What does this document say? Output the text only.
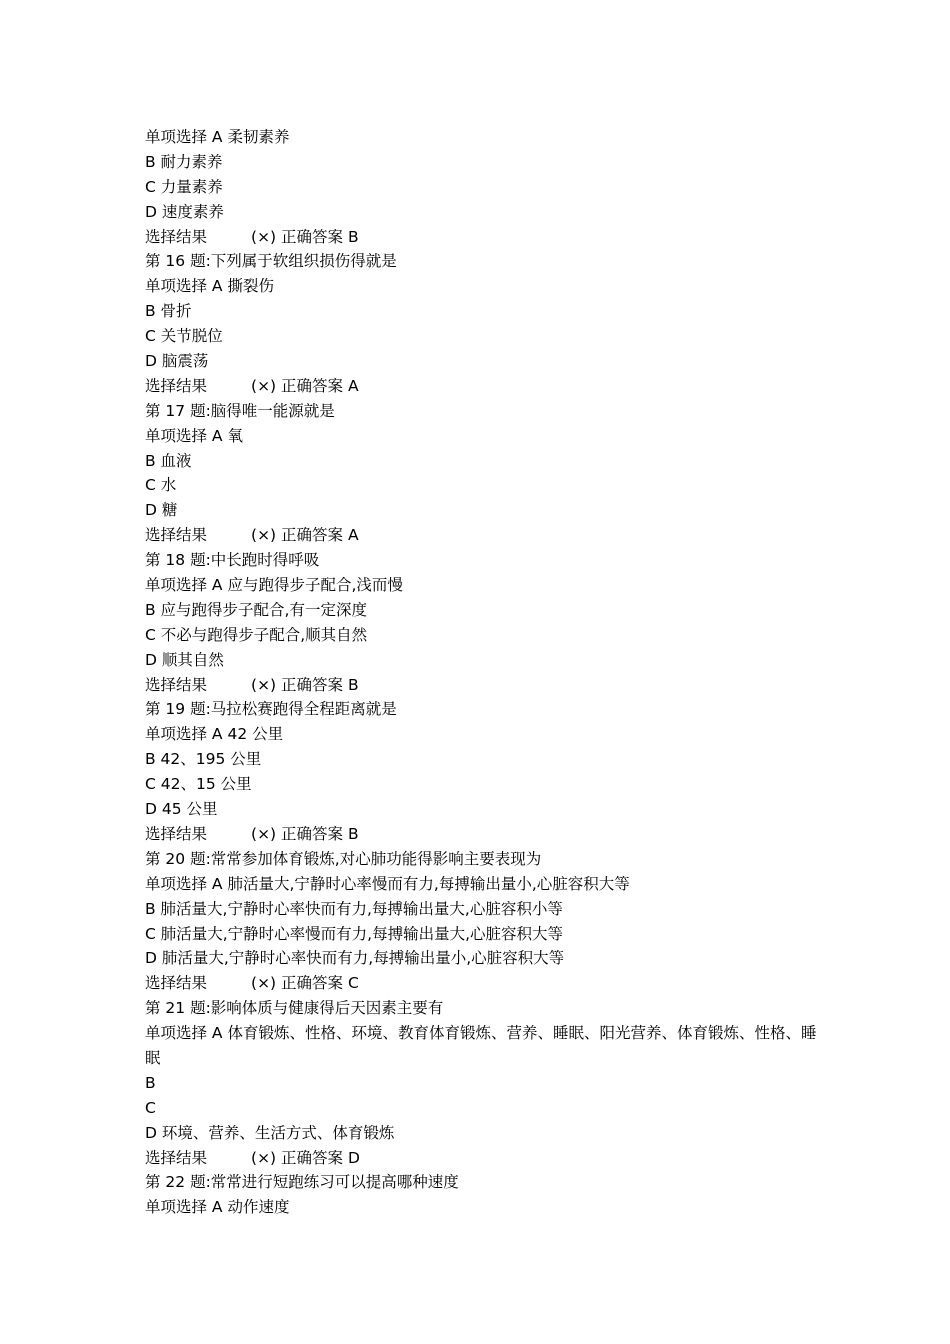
单项选择 A 柔韧素养
B 耐力素养
C 力量素养
D 速度素养
选择结果	(×) 正确答案 B
第 16 题:下列属于软组织损伤得就是
单项选择 A 撕裂伤
B 骨折
C 关节脱位
D 脑震荡
选择结果	(×) 正确答案 A
第 17 题:脑得唯一能源就是
单项选择 A 氧
B 血液
C 水
D 糖
选择结果	(×) 正确答案 A
第 18 题:中长跑时得呼吸
单项选择 A 应与跑得步子配合,浅而慢
B 应与跑得步子配合,有一定深度
C 不必与跑得步子配合,顺其自然
D 顺其自然
选择结果	(×) 正确答案 B
第 19 题:马拉松赛跑得全程距离就是
单项选择 A 42 公里
B 42、195 公里
C 42、15 公里
D 45 公里
选择结果	(×) 正确答案 B
第 20 题:常常参加体育锻炼,对心肺功能得影响主要表现为
单项选择 A 肺活量大,宁静时心率慢而有力,每搏输出量小,心脏容积大等
B 肺活量大,宁静时心率快而有力,每搏输出量大,心脏容积小等
C 肺活量大,宁静时心率慢而有力,每搏输出量大,心脏容积大等
D 肺活量大,宁静时心率快而有力,每搏输出量小,心脏容积大等
选择结果	(×) 正确答案 C
第 21 题:影响体质与健康得后天因素主要有
单项选择 A 体育锻炼、性格、环境、教育体育锻炼、营养、睡眠、阳光营养、体育锻炼、性格、睡眠
B
C
D 环境、营养、生活方式、体育锻炼
选择结果	(×) 正确答案 D
第 22 题:常常进行短跑练习可以提高哪种速度
单项选择 A 动作速度
